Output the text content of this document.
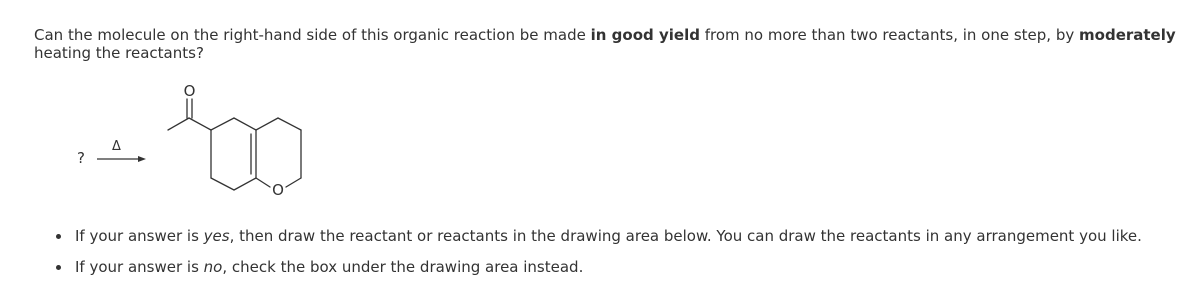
Can the molecule on the right-hand side of this organic reaction be made in good yield from no more than two reactants, in one step, by moderately heating the reactants?
?
Δ
O
O
If your answer is yes, then draw the reactant or reactants in the drawing area below. You can draw the reactants in any arrangement you like.
If your answer is no, check the box under the drawing area instead.
